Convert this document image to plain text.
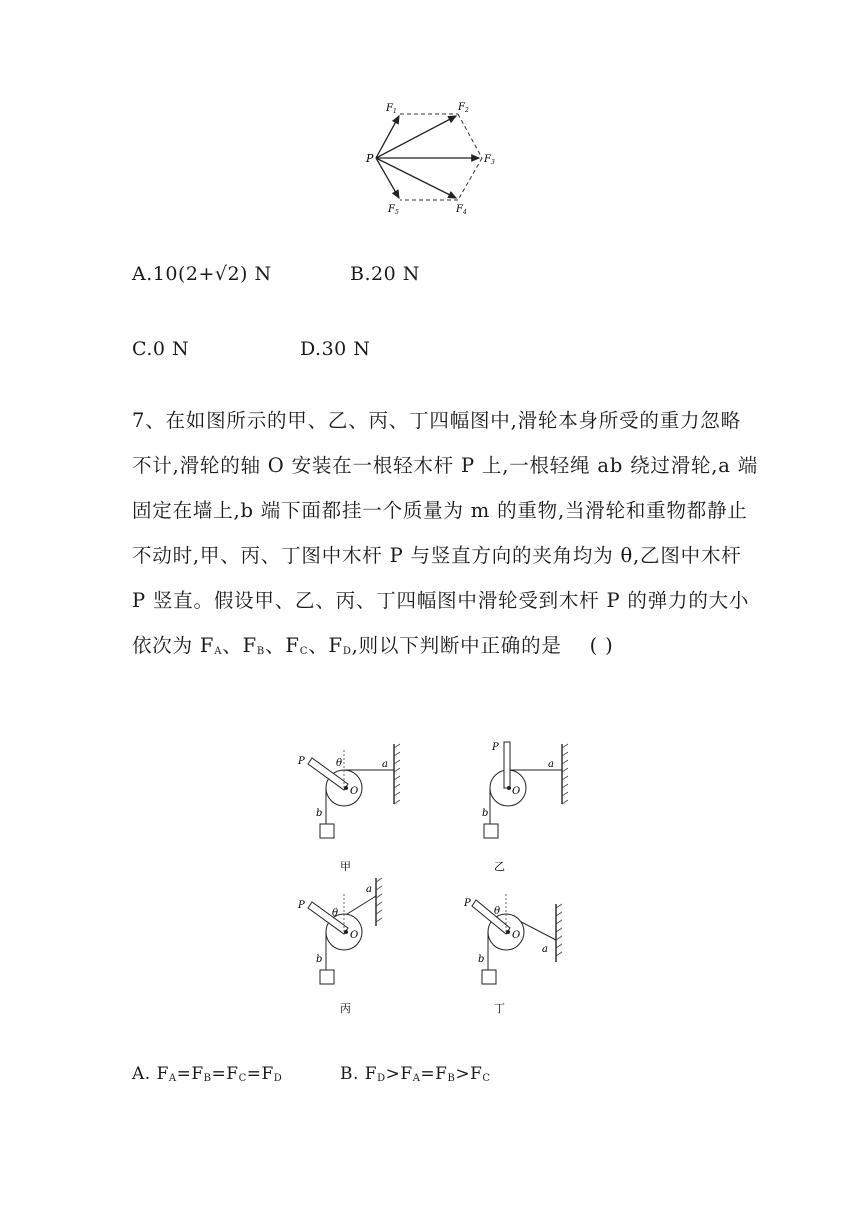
P
$F_1$	$F_2$
$F_3$
$F_4$
$F_5$
A.10(2+√2) N	B.20 N
C.0 N	D.30 N
7、在如图所示的甲、乙、丙、丁四幅图中,滑轮本身所受的重力忽略
不计,滑轮的轴 O 安装在一根轻木杆 P 上,一根轻绳 ab 绕过滑轮,a 端
固定在墙上,b 端下面都挂一个质量为 m 的重物,当滑轮和重物都静止
不动时,甲、丙、丁图中木杆 P 与竖直方向的夹角均为 θ,乙图中木杆
P 竖直。假设甲、乙、丙、丁四幅图中滑轮受到木杆 P 的弹力的大小
依次为 $F_A$、$F_B$、$F_C$、$F_D$,则以下判断中正确的是 ( )
P	θ
O
a
b
甲
P
O
a
b
乙
P
θ
O
a
b
丙
P
θ
O
a
b
丁
A. $F_A=F_B=F_C=F_D$	B. $F_D>F_A=F_B>F_C$
